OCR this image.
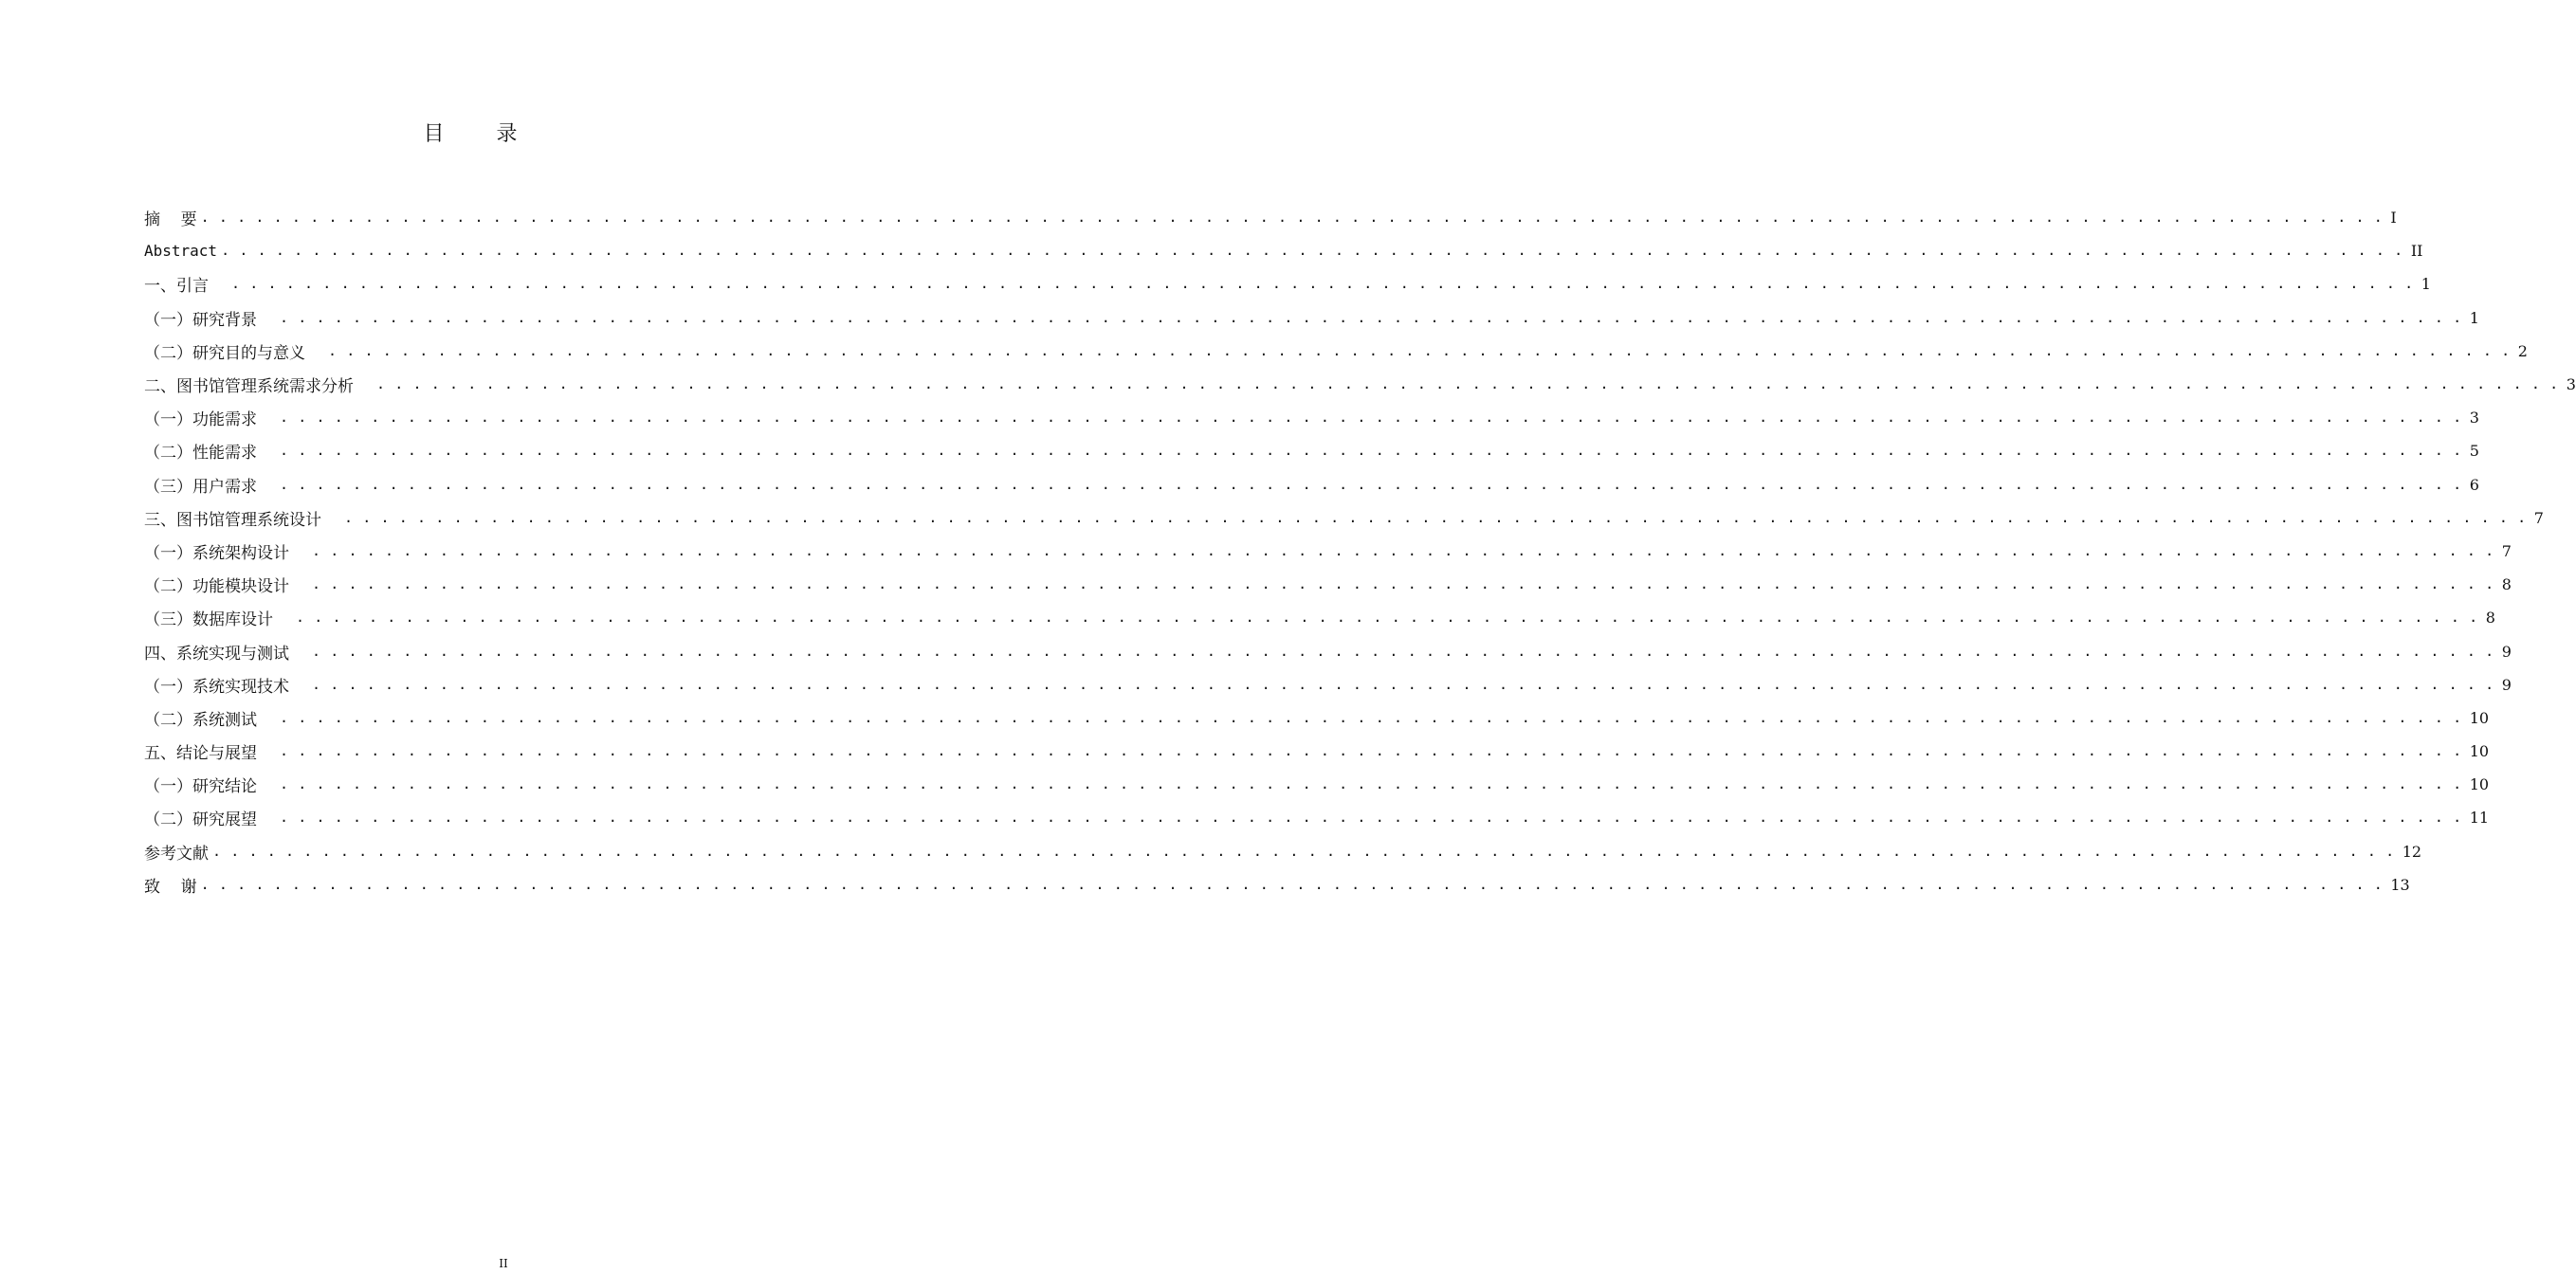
目 录
摘    要 . . . . . . . . . . . . . . . . . . . . . . . . . . . . . . . . . . . . . . . . . . . . . . . . . . . . . . . . . . . . . . . . . . . . . . . . . . . . . . . . . . . . . . . . . . . . . . . . . . . . . . . . . . . . . . . . . . . . . . . . I
Abstract . . . . . . . . . . . . . . . . . . . . . . . . . . . . . . . . . . . . . . . . . . . . . . . . . . . . . . . . . . . . . . . . . . . . . . . . . . . . . . . . . . . . . . . . . . . . . . . . . . . . . . . . . . . . . . . . . . . . . . . . II
一、引言 . . . . . . . . . . . . . . . . . . . . . . . . . . . . . . . . . . . . . . . . . . . . . . . . . . . . . . . . . . . . . . . . . . . . . . . . . . . . . . . . . . . . . . . . . . . . . . . . . . . . . . . . . . . . . . . . . . . . . . . . 1
（一）研究背景 . . . . . . . . . . . . . . . . . . . . . . . . . . . . . . . . . . . . . . . . . . . . . . . . . . . . . . . . . . . . . . . . . . . . . . . . . . . . . . . . . . . . . . . . . . . . . . . . . . . . . . . . . . . . . . . . . . . . . . . . 1
（二）研究目的与意义 . . . . . . . . . . . . . . . . . . . . . . . . . . . . . . . . . . . . . . . . . . . . . . . . . . . . . . . . . . . . . . . . . . . . . . . . . . . . . . . . . . . . . . . . . . . . . . . . . . . . . . . . . . . . . . . . . . . . . . . . 2
二、图书馆管理系统需求分析 . . . . . . . . . . . . . . . . . . . . . . . . . . . . . . . . . . . . . . . . . . . . . . . . . . . . . . . . . . . . . . . . . . . . . . . . . . . . . . . . . . . . . . . . . . . . . . . . . . . . . . . . . . . . . . . . . . . . . . . . 3
（一）功能需求 . . . . . . . . . . . . . . . . . . . . . . . . . . . . . . . . . . . . . . . . . . . . . . . . . . . . . . . . . . . . . . . . . . . . . . . . . . . . . . . . . . . . . . . . . . . . . . . . . . . . . . . . . . . . . . . . . . . . . . . . 3
（二）性能需求 . . . . . . . . . . . . . . . . . . . . . . . . . . . . . . . . . . . . . . . . . . . . . . . . . . . . . . . . . . . . . . . . . . . . . . . . . . . . . . . . . . . . . . . . . . . . . . . . . . . . . . . . . . . . . . . . . . . . . . . . 5
（三）用户需求 . . . . . . . . . . . . . . . . . . . . . . . . . . . . . . . . . . . . . . . . . . . . . . . . . . . . . . . . . . . . . . . . . . . . . . . . . . . . . . . . . . . . . . . . . . . . . . . . . . . . . . . . . . . . . . . . . . . . . . . . 6
三、图书馆管理系统设计 . . . . . . . . . . . . . . . . . . . . . . . . . . . . . . . . . . . . . . . . . . . . . . . . . . . . . . . . . . . . . . . . . . . . . . . . . . . . . . . . . . . . . . . . . . . . . . . . . . . . . . . . . . . . . . . . . . . . . . . . 7
（一）系统架构设计 . . . . . . . . . . . . . . . . . . . . . . . . . . . . . . . . . . . . . . . . . . . . . . . . . . . . . . . . . . . . . . . . . . . . . . . . . . . . . . . . . . . . . . . . . . . . . . . . . . . . . . . . . . . . . . . . . . . . . . . . 7
（二）功能模块设计 . . . . . . . . . . . . . . . . . . . . . . . . . . . . . . . . . . . . . . . . . . . . . . . . . . . . . . . . . . . . . . . . . . . . . . . . . . . . . . . . . . . . . . . . . . . . . . . . . . . . . . . . . . . . . . . . . . . . . . . . 8
（三）数据库设计 . . . . . . . . . . . . . . . . . . . . . . . . . . . . . . . . . . . . . . . . . . . . . . . . . . . . . . . . . . . . . . . . . . . . . . . . . . . . . . . . . . . . . . . . . . . . . . . . . . . . . . . . . . . . . . . . . . . . . . . . 8
四、系统实现与测试 . . . . . . . . . . . . . . . . . . . . . . . . . . . . . . . . . . . . . . . . . . . . . . . . . . . . . . . . . . . . . . . . . . . . . . . . . . . . . . . . . . . . . . . . . . . . . . . . . . . . . . . . . . . . . . . . . . . . . . . . 9
（一）系统实现技术 . . . . . . . . . . . . . . . . . . . . . . . . . . . . . . . . . . . . . . . . . . . . . . . . . . . . . . . . . . . . . . . . . . . . . . . . . . . . . . . . . . . . . . . . . . . . . . . . . . . . . . . . . . . . . . . . . . . . . . . . 9
（二）系统测试 . . . . . . . . . . . . . . . . . . . . . . . . . . . . . . . . . . . . . . . . . . . . . . . . . . . . . . . . . . . . . . . . . . . . . . . . . . . . . . . . . . . . . . . . . . . . . . . . . . . . . . . . . . . . . . . . . . . . . . . . 10
五、结论与展望 . . . . . . . . . . . . . . . . . . . . . . . . . . . . . . . . . . . . . . . . . . . . . . . . . . . . . . . . . . . . . . . . . . . . . . . . . . . . . . . . . . . . . . . . . . . . . . . . . . . . . . . . . . . . . . . . . . . . . . . . 10
（一）研究结论 . . . . . . . . . . . . . . . . . . . . . . . . . . . . . . . . . . . . . . . . . . . . . . . . . . . . . . . . . . . . . . . . . . . . . . . . . . . . . . . . . . . . . . . . . . . . . . . . . . . . . . . . . . . . . . . . . . . . . . . . 10
（二）研究展望 . . . . . . . . . . . . . . . . . . . . . . . . . . . . . . . . . . . . . . . . . . . . . . . . . . . . . . . . . . . . . . . . . . . . . . . . . . . . . . . . . . . . . . . . . . . . . . . . . . . . . . . . . . . . . . . . . . . . . . . . 11
参考文献 . . . . . . . . . . . . . . . . . . . . . . . . . . . . . . . . . . . . . . . . . . . . . . . . . . . . . . . . . . . . . . . . . . . . . . . . . . . . . . . . . . . . . . . . . . . . . . . . . . . . . . . . . . . . . . . . . . . . . . . . 12
致    谢 . . . . . . . . . . . . . . . . . . . . . . . . . . . . . . . . . . . . . . . . . . . . . . . . . . . . . . . . . . . . . . . . . . . . . . . . . . . . . . . . . . . . . . . . . . . . . . . . . . . . . . . . . . . . . . . . . . . . . . . . 13
II
